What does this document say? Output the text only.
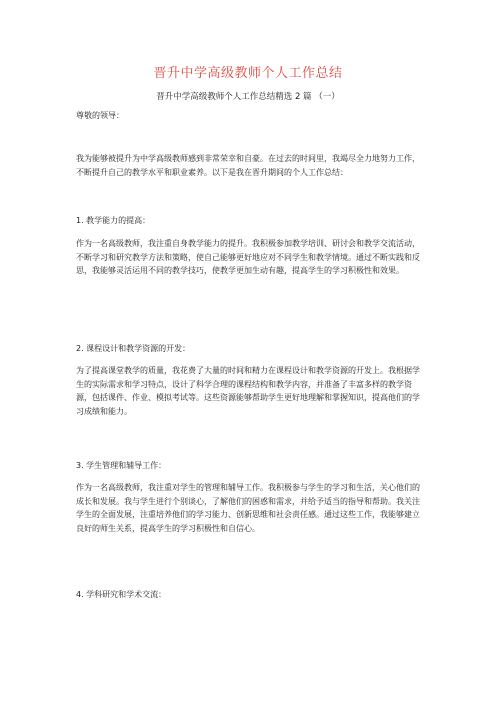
晋升中学高级教师个人工作总结
晋升中学高级教师个人工作总结精选 2 篇 （一）

尊敬的领导：

我为能够被提升为中学高级教师感到非常荣幸和自豪。在过去的时间里，我竭尽全力地努力工作，不断提升自己的教学水平和职业素养。以下是我在晋升期间的个人工作总结：

1. 教学能力的提高：

作为一名高级教师，我注重自身教学能力的提升。我积极参加教学培训、研讨会和教学交流活动，不断学习和研究教学方法和策略，使自己能够更好地应对不同学生和教学情境。通过不断实践和反思，我能够灵活运用不同的教学技巧，使教学更加生动有趣，提高学生的学习积极性和效果。

2. 课程设计和教学资源的开发：

为了提高课堂教学的质量，我花费了大量的时间和精力在课程设计和教学资源的开发上。我根据学生的实际需求和学习特点，设计了科学合理的课程结构和教学内容，并准备了丰富多样的教学资源，包括课件、作业、模拟考试等。这些资源能够帮助学生更好地理解和掌握知识，提高他们的学习成绩和能力。

3. 学生管理和辅导工作：

作为一名高级教师，我注重对学生的管理和辅导工作。我积极参与学生的学习和生活，关心他们的成长和发展。我与学生进行个别谈心，了解他们的困惑和需求，并给予适当的指导和帮助。我关注学生的全面发展，注重培养他们的学习能力、创新思维和社会责任感。通过这些工作，我能够建立良好的师生关系，提高学生的学习积极性和自信心。

4. 学科研究和学术交流：
